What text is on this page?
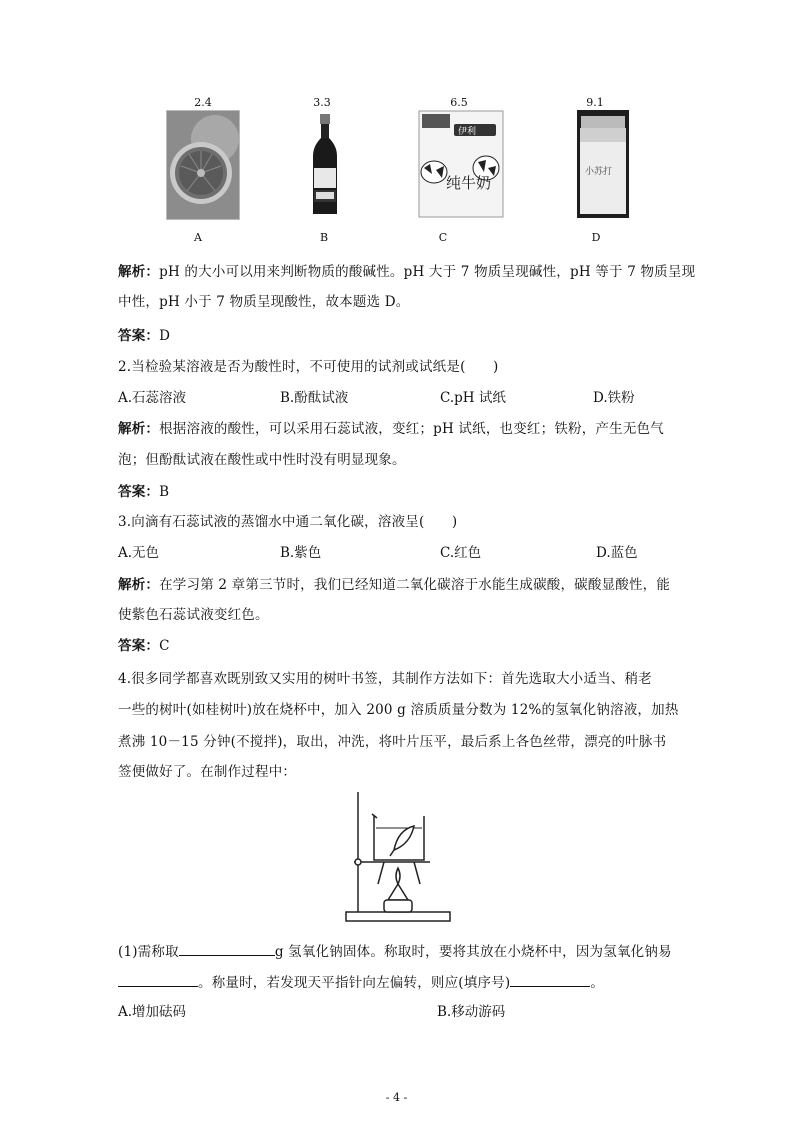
2.4	3.3	6.5	9.1
伊利
纯牛奶
小苏打
A	B	C	D
解析：pH 的大小可以用来判断物质的酸碱性。pH 大于 7 物质呈现碱性，pH 等于 7 物质呈现
中性，pH 小于 7 物质呈现酸性，故本题选 D。
答案：D
2.当检验某溶液是否为酸性时，不可使用的试剂或试纸是(　　)
A.石蕊溶液	B.酚酞试液	C.pH 试纸	D.铁粉
解析：根据溶液的酸性，可以采用石蕊试液，变红；pH 试纸，也变红；铁粉，产生无色气
泡；但酚酞试液在酸性或中性时没有明显现象。
答案：B
3.向滴有石蕊试液的蒸馏水中通二氧化碳，溶液呈(　　)
A.无色	B.紫色	C.红色	D.蓝色
解析：在学习第 2 章第三节时，我们已经知道二氧化碳溶于水能生成碳酸，碳酸显酸性，能
使紫色石蕊试液变红色。
答案：C
4.很多同学都喜欢既别致又实用的树叶书签，其制作方法如下：首先选取大小适当、稍老
一些的树叶(如桂树叶)放在烧杯中，加入 200 g 溶质质量分数为 12%的氢氧化钠溶液，加热
煮沸 10－15 分钟(不搅拌)，取出，冲洗，将叶片压平，最后系上各色丝带，漂亮的叶脉书
签便做好了。在制作过程中：
(1)需称取	g 氢氧化钠固体。称取时，要将其放在小烧杯中，因为氢氧化钠易
。称量时，若发现天平指针向左偏转，则应(填序号)	。
A.增加砝码	B.移动游码
- 4 -
